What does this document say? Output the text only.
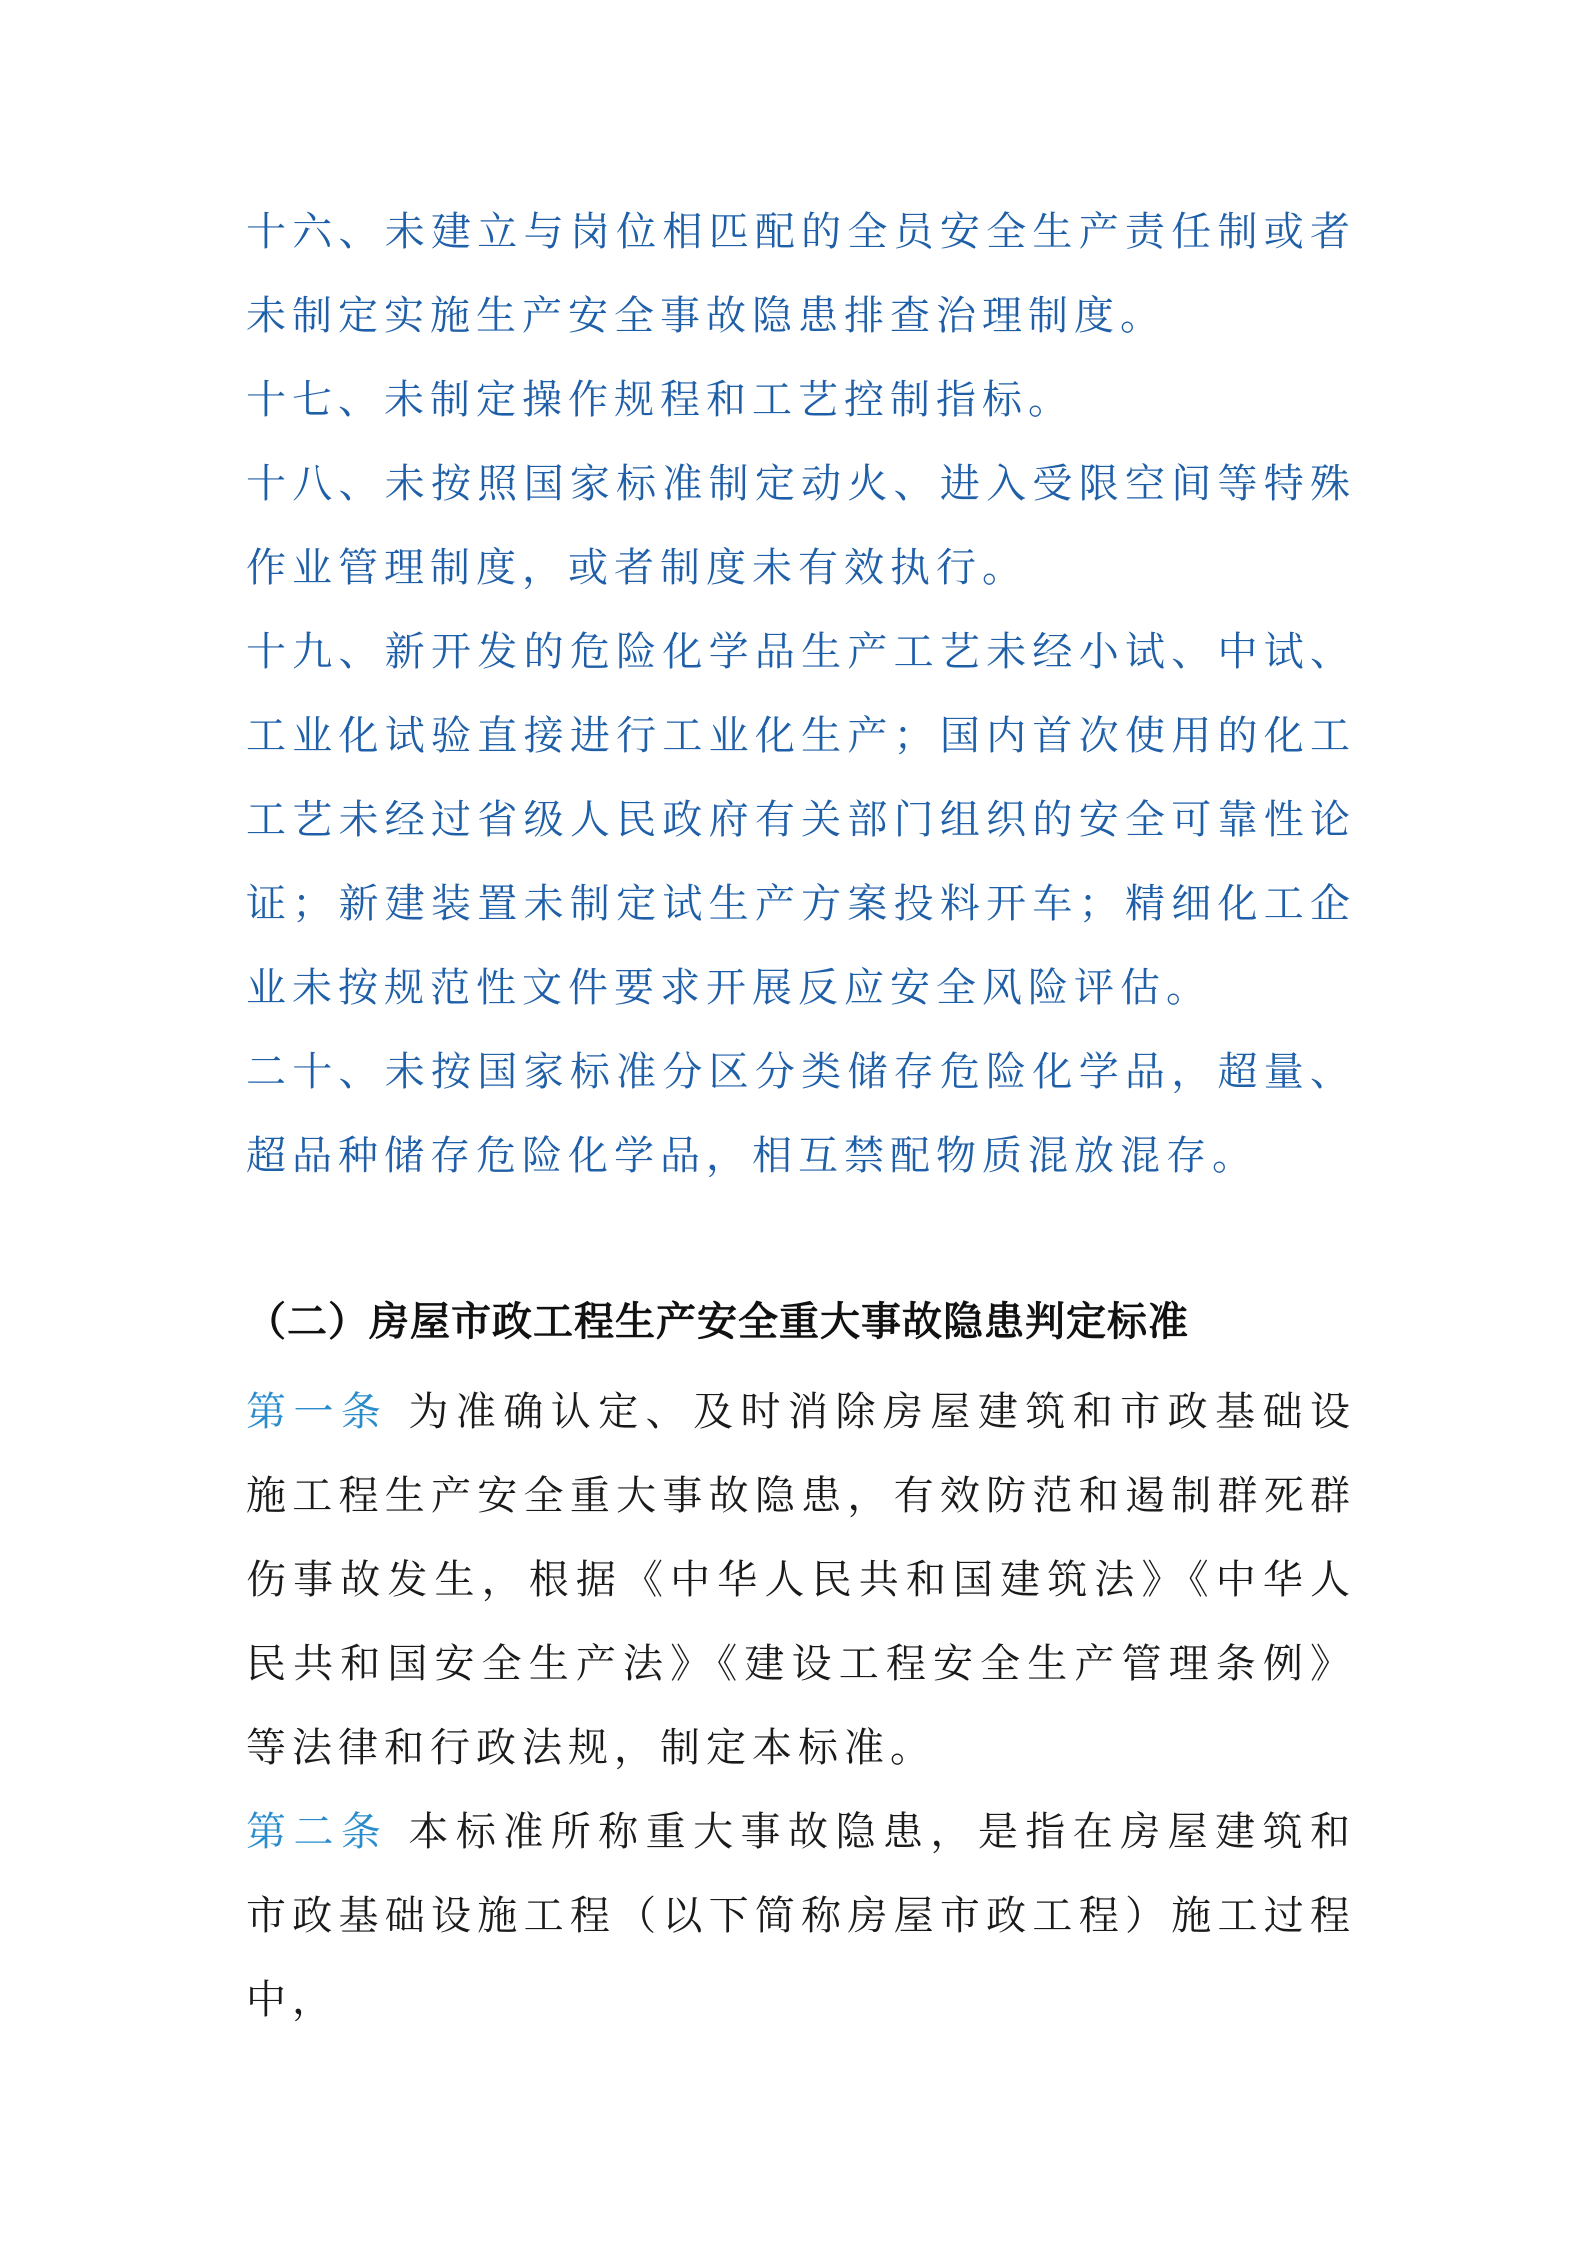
十六、未建立与岗位相匹配的全员安全生产责任制或者未制定实施生产安全事故隐患排查治理制度。

十七、未制定操作规程和工艺控制指标。

十八、未按照国家标准制定动火、进入受限空间等特殊作业管理制度，或者制度未有效执行。

十九、新开发的危险化学品生产工艺未经小试、中试、工业化试验直接进行工业化生产；国内首次使用的化工工艺未经过省级人民政府有关部门组织的安全可靠性论证；新建装置未制定试生产方案投料开车；精细化工企业未按规范性文件要求开展反应安全风险评估。

二十、未按国家标准分区分类储存危险化学品，超量、超品种储存危险化学品，相互禁配物质混放混存。

（二）房屋市政工程生产安全重大事故隐患判定标准

第一条 为准确认定、及时消除房屋建筑和市政基础设施工程生产安全重大事故隐患，有效防范和遏制群死群伤事故发生，根据《中华人民共和国建筑法》《中华人民共和国安全生产法》《建设工程安全生产管理条例》等法律和行政法规，制定本标准。

第二条 本标准所称重大事故隐患，是指在房屋建筑和市政基础设施工程（以下简称房屋市政工程）施工过程中，
